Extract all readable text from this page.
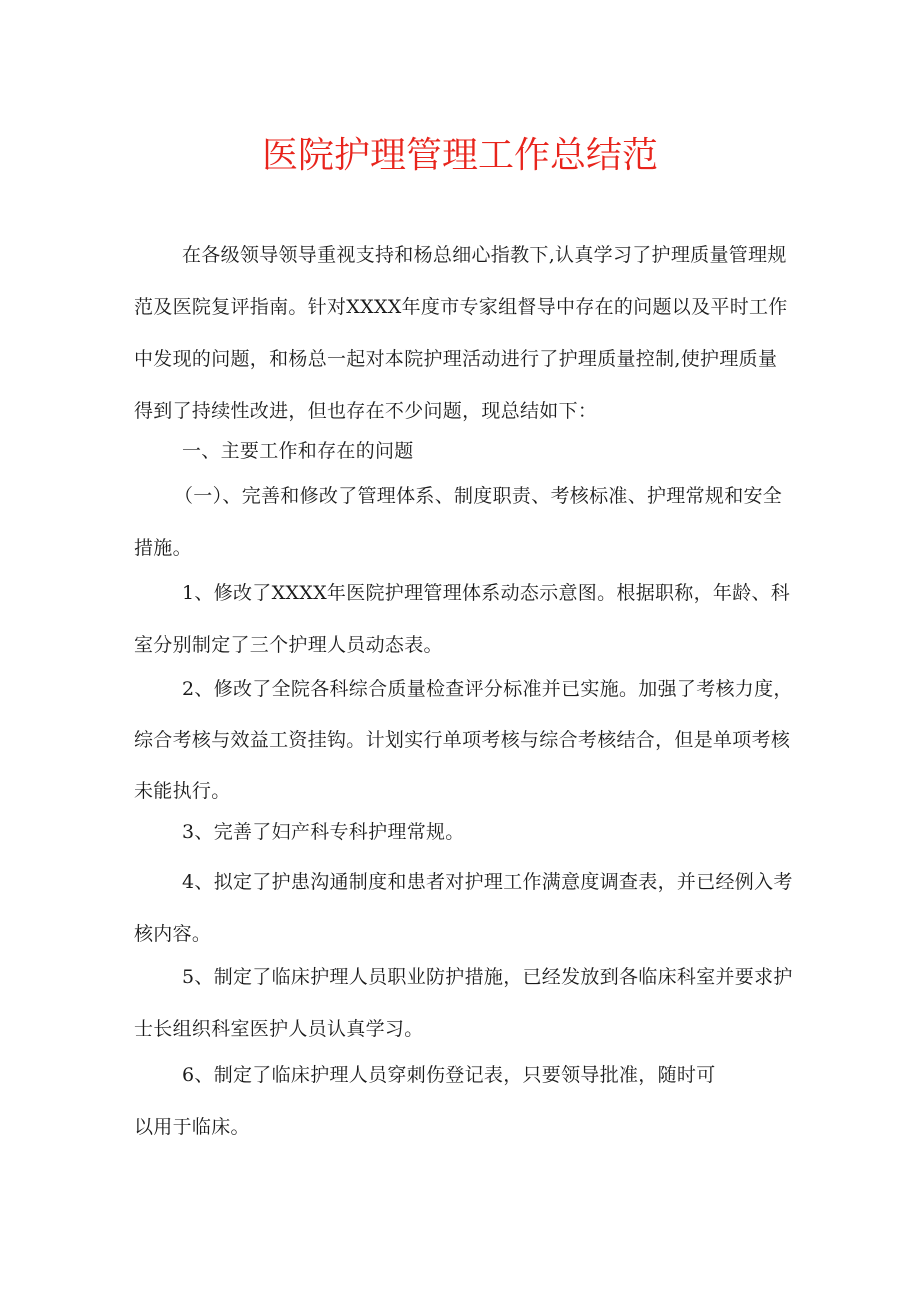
医院护理管理工作总结范

在各级领导领导重视支持和杨总细心指教下,认真学习了护理质量管理规范及医院复评指南。针对XXXX年度市专家组督导中存在的问题以及平时工作中发现的问题，和杨总一起对本院护理活动进行了护理质量控制,使护理质量得到了持续性改进，但也存在不少问题，现总结如下：

一、主要工作和存在的问题

（一）、完善和修改了管理体系、制度职责、考核标准、护理常规和安全措施。

1、修改了XXXX年医院护理管理体系动态示意图。根据职称，年龄、科室分别制定了三个护理人员动态表。

2、修改了全院各科综合质量检查评分标准并已实施。加强了考核力度，综合考核与效益工资挂钩。计划实行单项考核与综合考核结合，但是单项考核未能执行。

3、完善了妇产科专科护理常规。

4、拟定了护患沟通制度和患者对护理工作满意度调查表，并已经例入考核内容。

5、制定了临床护理人员职业防护措施，已经发放到各临床科室并要求护士长组织科室医护人员认真学习。

6、制定了临床护理人员穿刺伤登记表，只要领导批准，随时可

以用于临床。
